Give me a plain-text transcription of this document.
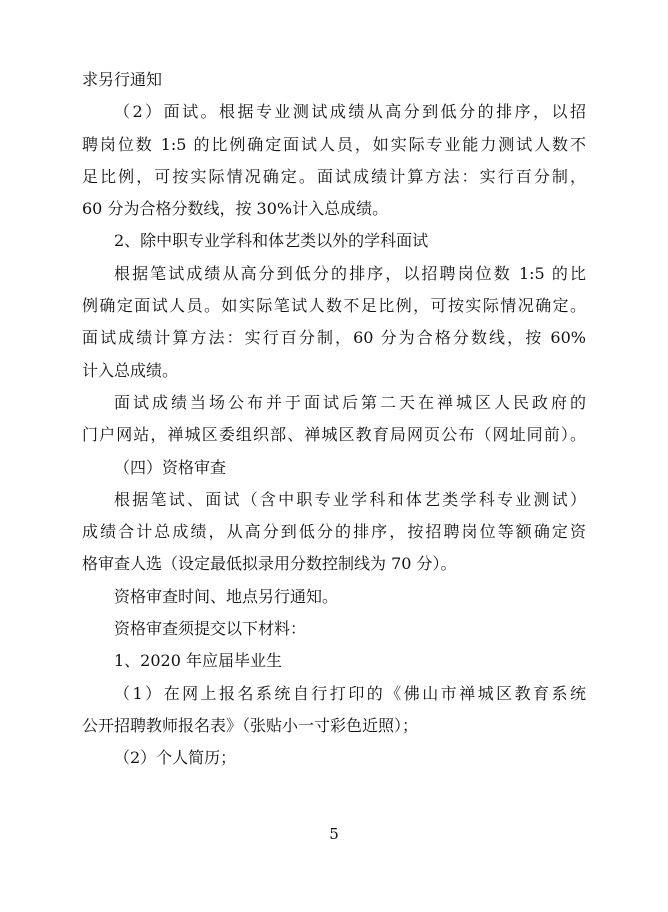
求另行通知
（2）面试。根据专业测试成绩从高分到低分的排序，以招
聘岗位数 1:5 的比例确定面试人员，如实际专业能力测试人数不
足比例，可按实际情况确定。面试成绩计算方法：实行百分制，
60 分为合格分数线，按 30%计入总成绩。
2、除中职专业学科和体艺类以外的学科面试
根据笔试成绩从高分到低分的排序，以招聘岗位数 1:5 的比
例确定面试人员。如实际笔试人数不足比例，可按实际情况确定。
面试成绩计算方法：实行百分制，60 分为合格分数线，按 60%
计入总成绩。
面试成绩当场公布并于面试后第二天在禅城区人民政府的
门户网站，禅城区委组织部、禅城区教育局网页公布（网址同前）。
（四）资格审查
根据笔试、面试（含中职专业学科和体艺类学科专业测试）
成绩合计总成绩，从高分到低分的排序，按招聘岗位等额确定资
格审查人选（设定最低拟录用分数控制线为 70 分）。
资格审查时间、地点另行通知。
资格审查须提交以下材料：
1、2020 年应届毕业生
（1）在网上报名系统自行打印的《佛山市禅城区教育系统
公开招聘教师报名表》（张贴小一寸彩色近照）；
（2）个人简历；
5
